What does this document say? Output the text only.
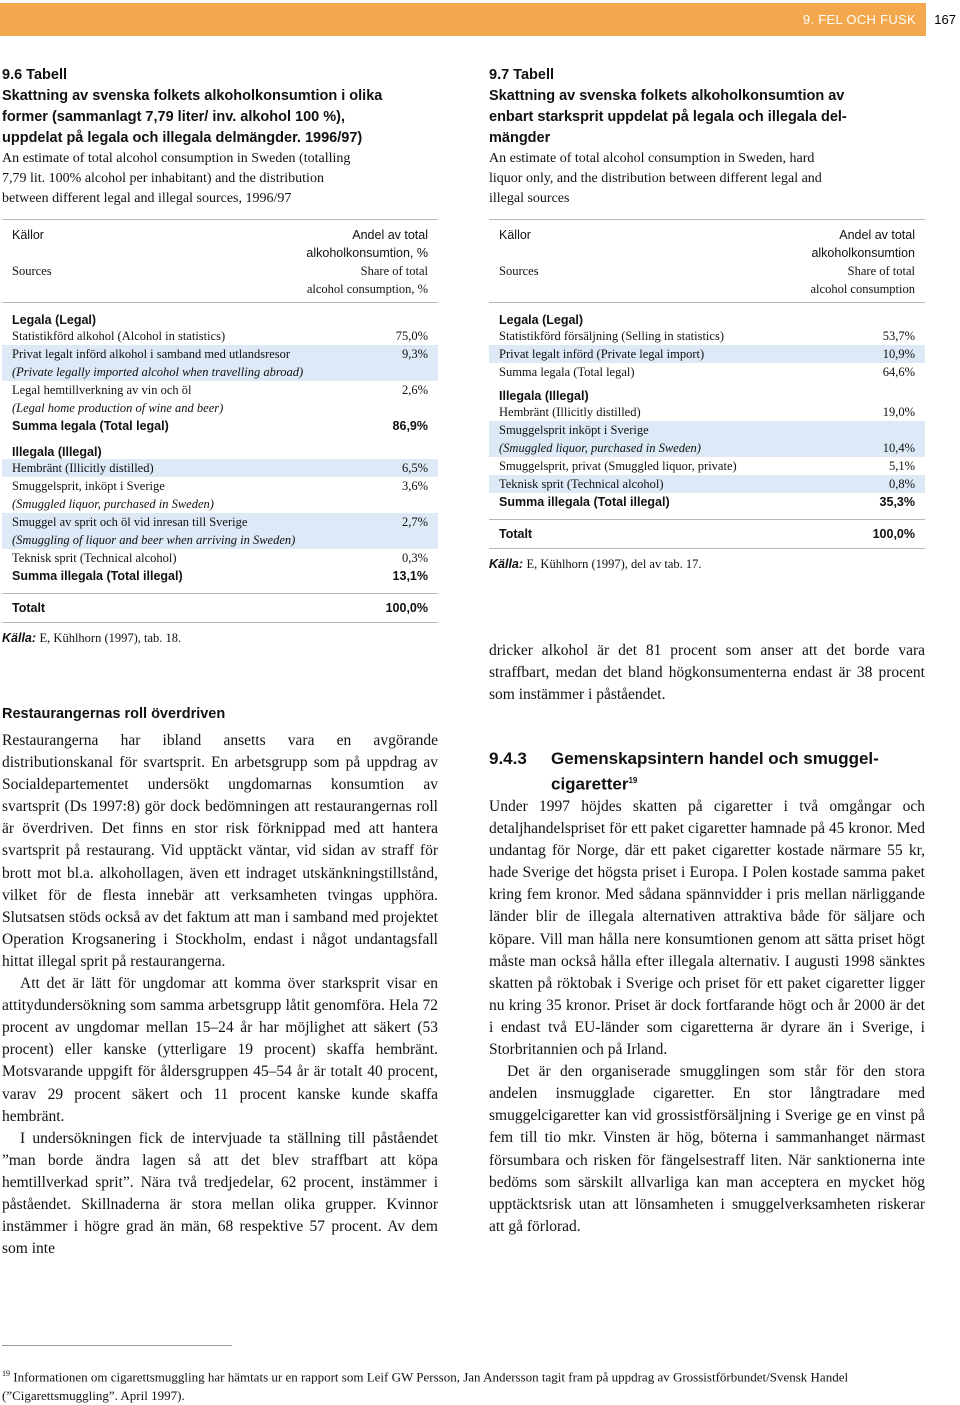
9. FEL OCH FUSK 167
9.6 Tabell
Skattning av svenska folkets alkoholkonsumtion i olika
former (sammanlagt 7,79 liter/ inv. alkohol 100 %),
uppdelat på legala och illegala delmängder. 1996/97)
An estimate of total alcohol consumption in Sweden (totalling
7,79 lit. 100% alcohol per inhabitant) and the distribution
between different legal and illegal sources, 1996/97
Källor	Andel av total
alkoholkonsumtion, %
Sources	Share of total
alcohol consumption, %
Legala (Legal)
Statistikförd alkohol (Alcohol in statistics)	75,0%
Privat legalt införd alkohol i samband med utlandsresor	9,3%
(Private legally imported alcohol when travelling abroad)
Legal hemtillverkning av vin och öl	2,6%
(Legal home production of wine and beer)
Summa legala (Total legal)	86,9%
Illegala (Illegal)
Hembränt (Illicitly distilled)	6,5%
Smuggelsprit, inköpt i Sverige	3,6%
(Smuggled liquor, purchased in Sweden)
Smuggel av sprit och öl vid inresan till Sverige	2,7%
(Smuggling of liquor and beer when arriving in Sweden)
Teknisk sprit (Technical alcohol)	0,3%
Summa illegala (Total illegal)	13,1%
Totalt	100,0%
Källa: E, Kühlhorn (1997), tab. 18.
9.7 Tabell
Skattning av svenska folkets alkoholkonsumtion av
enbart starksprit uppdelat på legala och illegala del-
mängder
An estimate of total alcohol consumption in Sweden, hard
liquor only, and the distribution between different legal and
illegal sources
Källor	Andel av total
alkoholkonsumtion
Sources	Share of total
alcohol consumption
Legala (Legal)
Statistikförd försäljning (Selling in statistics)	53,7%
Privat legalt införd (Private legal import)	10,9%
Summa legala (Total legal)	64,6%
Illegala (Illegal)
Hembränt (Illicitly distilled)	19,0%
Smuggelsprit inköpt i Sverige
(Smuggled liquor, purchased in Sweden)	10,4%
Smuggelsprit, privat (Smuggled liquor, private)	5,1%
Teknisk sprit (Technical alcohol)	0,8%
Summa illegala (Total illegal)	35,3%
Totalt	100,0%
Källa: E, Kühlhorn (1997), del av tab. 17.
Restaurangernas roll överdriven

Restaurangerna har ibland ansetts vara en avgörande distributionskanal för svartsprit. En arbetsgrupp som på uppdrag av Socialdepartementet undersökt ungdomarnas konsumtion av svartsprit (Ds 1997:8) gör dock bedömningen att restaurangernas roll är överdriven. Det finns en stor risk förknippad med att hantera svartsprit på restaurang. Vid upptäckt väntar, vid sidan av straff för brott mot bl.a. alkohollagen, även ett indraget utskänkningstillstånd, vilket för de flesta innebär att verksamheten tvingas upphöra. Slutsatsen stöds också av det faktum att man i samband med projektet Operation Krogsanering i Stockholm, endast i något undantagsfall hittat illegal sprit på restaurangerna.

Att det är lätt för ungdomar att komma över starksprit visar en attitydundersökning som samma arbetsgrupp låtit genomföra. Hela 72 procent av ungdomar mellan 15–24 år har möjlighet att säkert (53 procent) eller kanske (ytterligare 19 procent) skaffa hembränt. Motsvarande uppgift för åldersgruppen 45–54 år är totalt 40 procent, varav 29 procent säkert och 11 procent kanske kunde skaffa hembränt.

I undersökningen fick de intervjuade ta ställning till påståendet ”man borde ändra lagen så att det blev straffbart att köpa hemtillverkad sprit”. Nära två tredjedelar, 62 procent, instämmer i påståendet. Skillnaderna är stora mellan olika grupper. Kvinnor instämmer i högre grad än män, 68 respektive 57 procent. Av dem som inte

dricker alkohol är det 81 procent som anser att det borde vara straffbart, medan det bland högkonsumenterna endast är 38 procent som instämmer i påståendet.

9.4.3	Gemenskapsintern handel och smuggel-
cigaretter$^{19}$

Under 1997 höjdes skatten på cigaretter i två omgångar och detaljhandelspriset för ett paket cigaretter hamnade på 45 kronor. Med undantag för Norge, där ett paket cigaretter kostade närmare 55 kr, hade Sverige det högsta priset i Europa. I Polen kostade samma paket kring fem kronor. Med sådana spännvidder i pris mellan närliggande länder blir de illegala alternativen attraktiva både för säljare och köpare. Vill man hålla nere konsumtionen genom att sätta priset högt måste man också hålla efter illegala alternativ. I augusti 1998 sänktes skatten på röktobak i Sverige och priset för ett paket cigaretter ligger nu kring 35 kronor. Priset är dock fortfarande högt och år 2000 är det i endast två EU-länder som cigaretterna är dyrare än i Sverige, i Storbritannien och på Irland.

Det är den organiserade smugglingen som står för den stora andelen insmugglade cigaretter. En stor långtradare med smuggelcigaretter kan vid grossistförsäljning i Sverige ge en vinst på fem till tio mkr. Vinsten är hög, böterna i sammanhanget närmast försumbara och risken för fängelsestraff liten. När sanktionerna inte bedöms som särskilt allvarliga kan man acceptera en mycket hög upptäcktsrisk utan att lönsamheten i smuggelverksamheten riskerar att gå förlorad.

$^{19}$ Informationen om cigarettsmuggling har hämtats ur en rapport som Leif GW Persson, Jan Andersson tagit fram på uppdrag av Grossistförbundet/Svensk Handel (”Cigarettsmuggling”. April 1997).
